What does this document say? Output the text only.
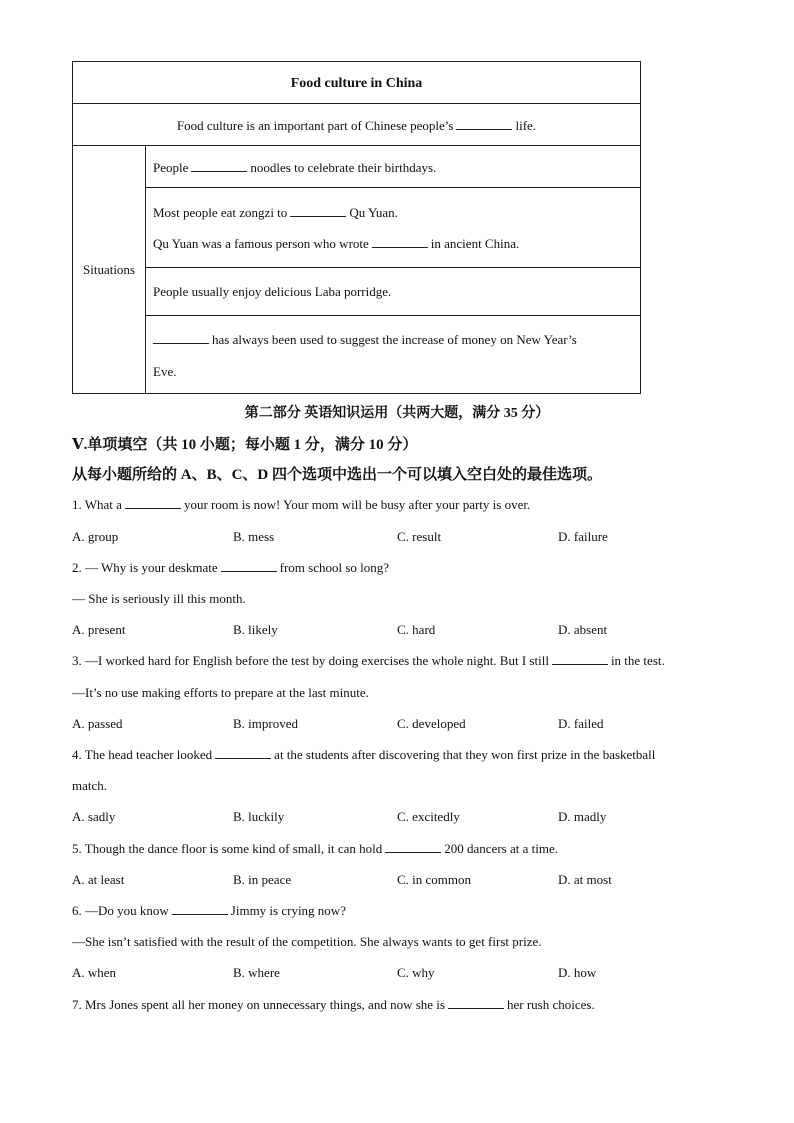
Food culture in China
Food culture is an important part of Chinese people’s	life.
Situations
People	noodles to celebrate their birthdays.
Most people eat zongzi to	Qu Yuan.
Qu Yuan was a famous person who wrote	in ancient China.
People usually enjoy delicious Laba porridge.
has always been used to suggest the increase of money on New Year’s
Eve.
第二部分 英语知识运用（共两大题，满分 35 分）
Ⅴ.单项填空（共 10 小题；每小题 1 分，满分 10 分）
从每小题所给的 A、B、C、D 四个选项中选出一个可以填入空白处的最佳选项。
1. What a	your room is now! Your mom will be busy after your party is over.
A. group	B. mess	C. result	D. failure
2. — Why is your deskmate	from school so long?
— She is seriously ill this month.
A. present	B. likely	C. hard	D. absent
3. —I worked hard for English before the test by doing exercises the whole night. But I still	in the test.
—It’s no use making efforts to prepare at the last minute.
A. passed	B. improved	C. developed	D. failed
4. The head teacher looked	at the students after discovering that they won first prize in the basketball
match.
A. sadly	B. luckily	C. excitedly	D. madly
5. Though the dance floor is some kind of small, it can hold	200 dancers at a time.
A. at least	B. in peace	C. in common	D. at most
6. —Do you know	Jimmy is crying now?
—She isn’t satisfied with the result of the competition. She always wants to get first prize.
A. when	B. where	C. why	D. how
7. Mrs Jones spent all her money on unnecessary things, and now she is	her rush choices.
